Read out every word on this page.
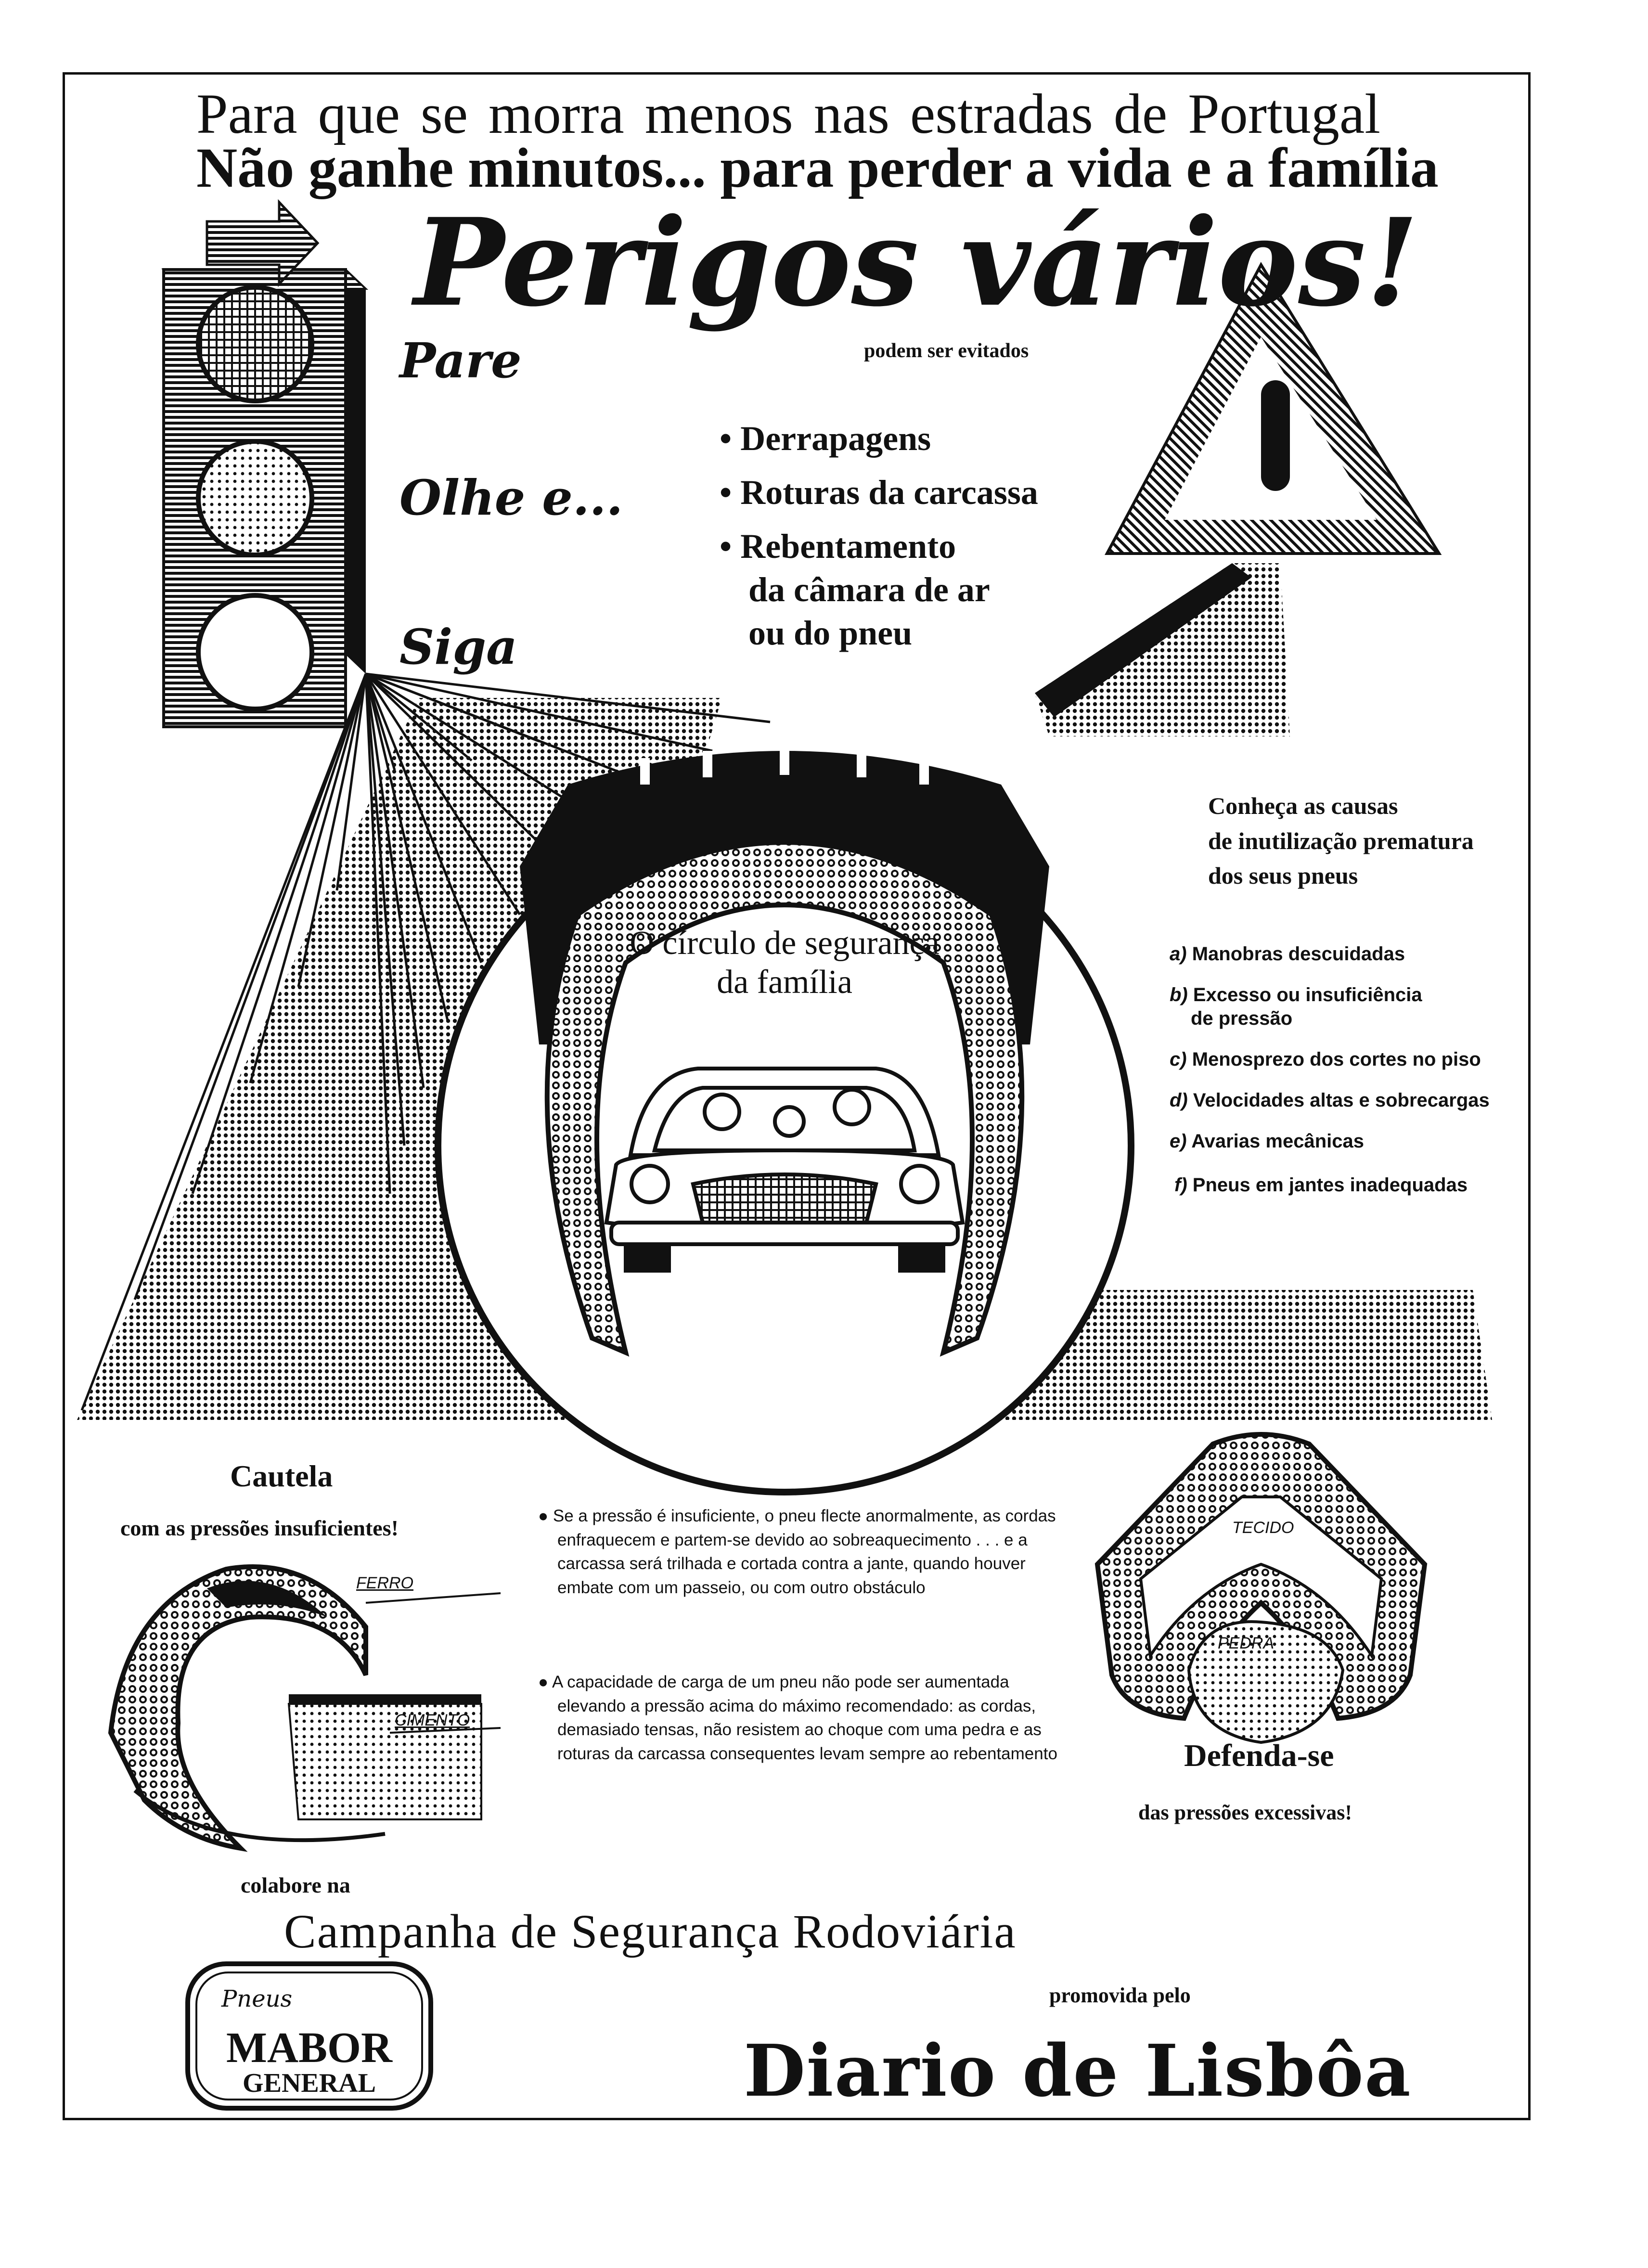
Para que se morra menos nas estradas de Portugal
Não ganhe minutos... para perder a vida e a família
Perigos vários!
podem ser evitados
Pare
Olhe e...
Siga
• Derrapagens
• Roturas da carcassa
• Rebentamento
da câmara de ar
ou do pneu
O círculo de segurança
da família
Conheça as causas
de inutilização prematura
dos seus pneus
a) Manobras descuidadas
b) Excesso ou insuficiência
de pressão
c) Menosprezo dos cortes no piso
d) Velocidades altas e sobrecargas
e) Avarias mecânicas
f) Pneus em jantes inadequadas
Cautela
com as pressões insuficientes!
FERRO
CIMENTO
● Se a pressão é insuficiente, o pneu flecte anormalmente, as cordas enfraquecem e partem-se devido ao sobreaquecimento . . . e a carcassa será trilhada e cortada contra a jante, quando houver embate com um passeio, ou com outro obstáculo
● A capacidade de carga de um pneu não pode ser aumentada elevando a pressão acima do máximo recomendado: as cordas, demasiado tensas, não resistem ao choque com uma pedra e as roturas da carcassa consequentes levam sempre ao rebentamento
TECIDO
PEDRA
Defenda-se
das pressões excessivas!
colabore na
Campanha de Segurança Rodoviária
promovida pelo
Pneus
MABOR
GENERAL	Diario de Lisbôa
